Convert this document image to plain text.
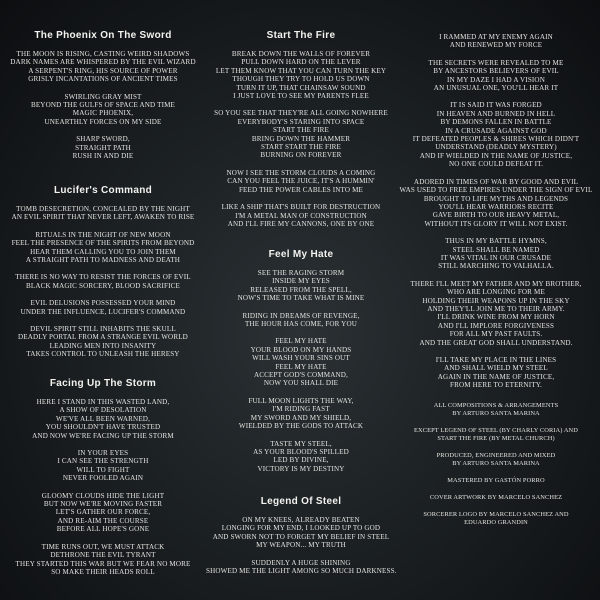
The Phoenix On The Sword
THE MOON IS RISING, CASTING WEIRD SHADOWS
DARK NAMES ARE WHISPERED BY THE EVIL WIZARD
A SERPENT'S RING, HIS SOURCE OF POWER
GRISLY INCANTATIONS OF ANCIENT TIMES
SWIRLING GRAY MIST
BEYOND THE GULFS OF SPACE AND TIME
MAGIC PHOENIX,
UNEARTHLY FORCES ON MY SIDE
SHARP SWORD,
STRAIGHT PATH
RUSH IN AND DIE
Lucifer's Command
TOMB DESECRETION, CONCEALED BY THE NIGHT
AN EVIL SPIRIT THAT NEVER LEFT, AWAKEN TO RISE
RITUALS IN THE NIGHT OF NEW MOON
FEEL THE PRESENCE OF THE SPIRITS FROM BEYOND
HEAR THEM CALLING YOU TO JOIN THEM
A STRAIGHT PATH TO MADNESS AND DEATH
THERE IS NO WAY TO RESIST THE FORCES OF EVIL
BLACK MAGIC SORCERY, BLOOD SACRIFICE
EVIL DELUSIONS POSSESSED YOUR MIND
UNDER THE INFLUENCE, LUCIFER'S COMMAND
DEVIL SPIRIT STILL INHABITS THE SKULL
DEADLY PORTAL FROM A STRANGE EVIL WORLD
LEADING MEN INTO INSANITY
TAKES CONTROL TO UNLEASH THE HERESY
Facing Up The Storm
HERE I STAND IN THIS WASTED LAND,
A SHOW OF DESOLATION
WE'VE ALL BEEN WARNED,
YOU SHOULDN'T HAVE TRUSTED
AND NOW WE'RE FACING UP THE STORM
IN YOUR EYES
I CAN SEE THE STRENGTH
WILL TO FIGHT
NEVER FOOLED AGAIN
GLOOMY CLOUDS HIDE THE LIGHT
BUT NOW WE'RE MOVING FASTER
LET'S GATHER OUR FORCE,
AND RE-AIM THE COURSE
BEFORE ALL HOPE'S GONE
TIME RUNS OUT, WE MUST ATTACK
DETHRONE THE EVIL TYRANT
THEY STARTED THIS WAR BUT WE FEAR NO MORE
SO MAKE THEIR HEADS ROLL
Start The Fire
BREAK DOWN THE WALLS OF FOREVER
PULL DOWN HARD ON THE LEVER
LET THEM KNOW THAT YOU CAN TURN THE KEY
THOUGH THEY TRY TO HOLD US DOWN
TURN IT UP, THAT CHAINSAW SOUND
I JUST LOVE TO SEE MY PARENTS FLEE
SO YOU SEE THAT THEY'RE ALL GOING NOWHERE
EVERYBODY'S STARING INTO SPACE
START THE FIRE
BRING DOWN THE HAMMER
START START THE FIRE
BURNING ON FOREVER
NOW I SEE THE STORM CLOUDS A COMING
CAN YOU FEEL THE JUICE, IT'S A HUMMIN'
FEED THE POWER CABLES INTO ME
LIKE A SHIP THAT'S BUILT FOR DESTRUCTION
I'M A METAL MAN OF CONSTRUCTION
AND I'LL FIRE MY CANNONS, ONE BY ONE
Feel My Hate
SEE THE RAGING STORM
INSIDE MY EYES
RELEASED FROM THE SPELL,
NOW'S TIME TO TAKE WHAT IS MINE
RIDING IN DREAMS OF REVENGE,
THE HOUR HAS COME, FOR YOU
FEEL MY HATE
YOUR BLOOD ON MY HANDS
WILL WASH YOUR SINS OUT
FEEL MY HATE
ACCEPT GOD'S COMMAND,
NOW YOU SHALL DIE
FULL MOON LIGHTS THE WAY,
I'M RIDING FAST
MY SWORD AND MY SHIELD,
WIELDED BY THE GODS TO ATTACK
TASTE MY STEEL,
AS YOUR BLOOD'S SPILLED
LED BY DIVINE,
VICTORY IS MY DESTINY
Legend Of Steel
ON MY KNEES, ALREADY BEATEN
LONGING FOR MY END, I LOOKED UP TO GOD
AND SWORN NOT TO FORGET MY BELIEF IN STEEL
MY WEAPON... MY TRUTH
SUDDENLY A HUGE SHINING
SHOWED ME THE LIGHT AMONG SO MUCH DARKNESS.
I RAMMED AT MY ENEMY AGAIN
AND RENEWED MY FORCE
THE SECRETS WERE REVEALED TO ME
BY ANCESTORS BELIEVERS OF EVIL
IN MY DAZE I HAD A VISION
AN UNUSUAL ONE, YOU'LL HEAR IT
IT IS SAID IT WAS FORGED
IN HEAVEN AND BURNED IN HELL
BY DEMONS FALLEN IN BATTLE
IN A CRUSADE AGAINST GOD
IT DEFEATED PEOPLES & SHIRES WHICH DIDN'T
UNDERSTAND (DEADLY MYSTERY)
AND IF WIELDED IN THE NAME OF JUSTICE,
NO ONE COULD DEFEAT IT.
ADORED IN TIMES OF WAR BY GOOD AND EVIL
WAS USED TO FREE EMPIRES UNDER THE SIGN OF EVIL
BROUGHT TO LIFE MYTHS AND LEGENDS
YOU'LL HEAR WARRIORS RECITE
GAVE BIRTH TO OUR HEAVY METAL,
WITHOUT ITS GLORY IT WILL NOT EXIST.
THUS IN MY BATTLE HYMNS,
STEEL SHALL BE NAMED
IT WAS VITAL IN OUR CRUSADE
STILL MARCHING TO VALHALLA.
THERE I'LL MEET MY FATHER AND MY BROTHER,
WHO ARE LONGING FOR ME
HOLDING THEIR WEAPONS UP IN THE SKY
AND THEY'LL JOIN ME TO THEIR ARMY.
I'LL DRINK WINE FROM MY HORN
AND I'LL IMPLORE FORGIVENESS
FOR ALL MY PAST FAULTS.
AND THE GREAT GOD SHALL UNDERSTAND.
I'LL TAKE MY PLACE IN THE LINES
AND SHALL WIELD MY STEEL
AGAIN IN THE NAME OF JUSTICE,
FROM HERE TO ETERNITY.
ALL COMPOSITIONS & ARRANGEMENTS
BY ARTURO SANTA MARINA
EXCEPT LEGEND OF STEEL (BY CHARLY CORIA) AND
START THE FIRE (BY METAL CHURCH)
PRODUCED, ENGINEERED AND MIXED
BY ARTURO SANTA MARINA
MASTERED BY GASTÓN PORRO
COVER ARTWORK BY MARCELO SANCHEZ
SORCERER LOGO BY MARCELO SANCHEZ AND
EDUARDO GRANDIN
